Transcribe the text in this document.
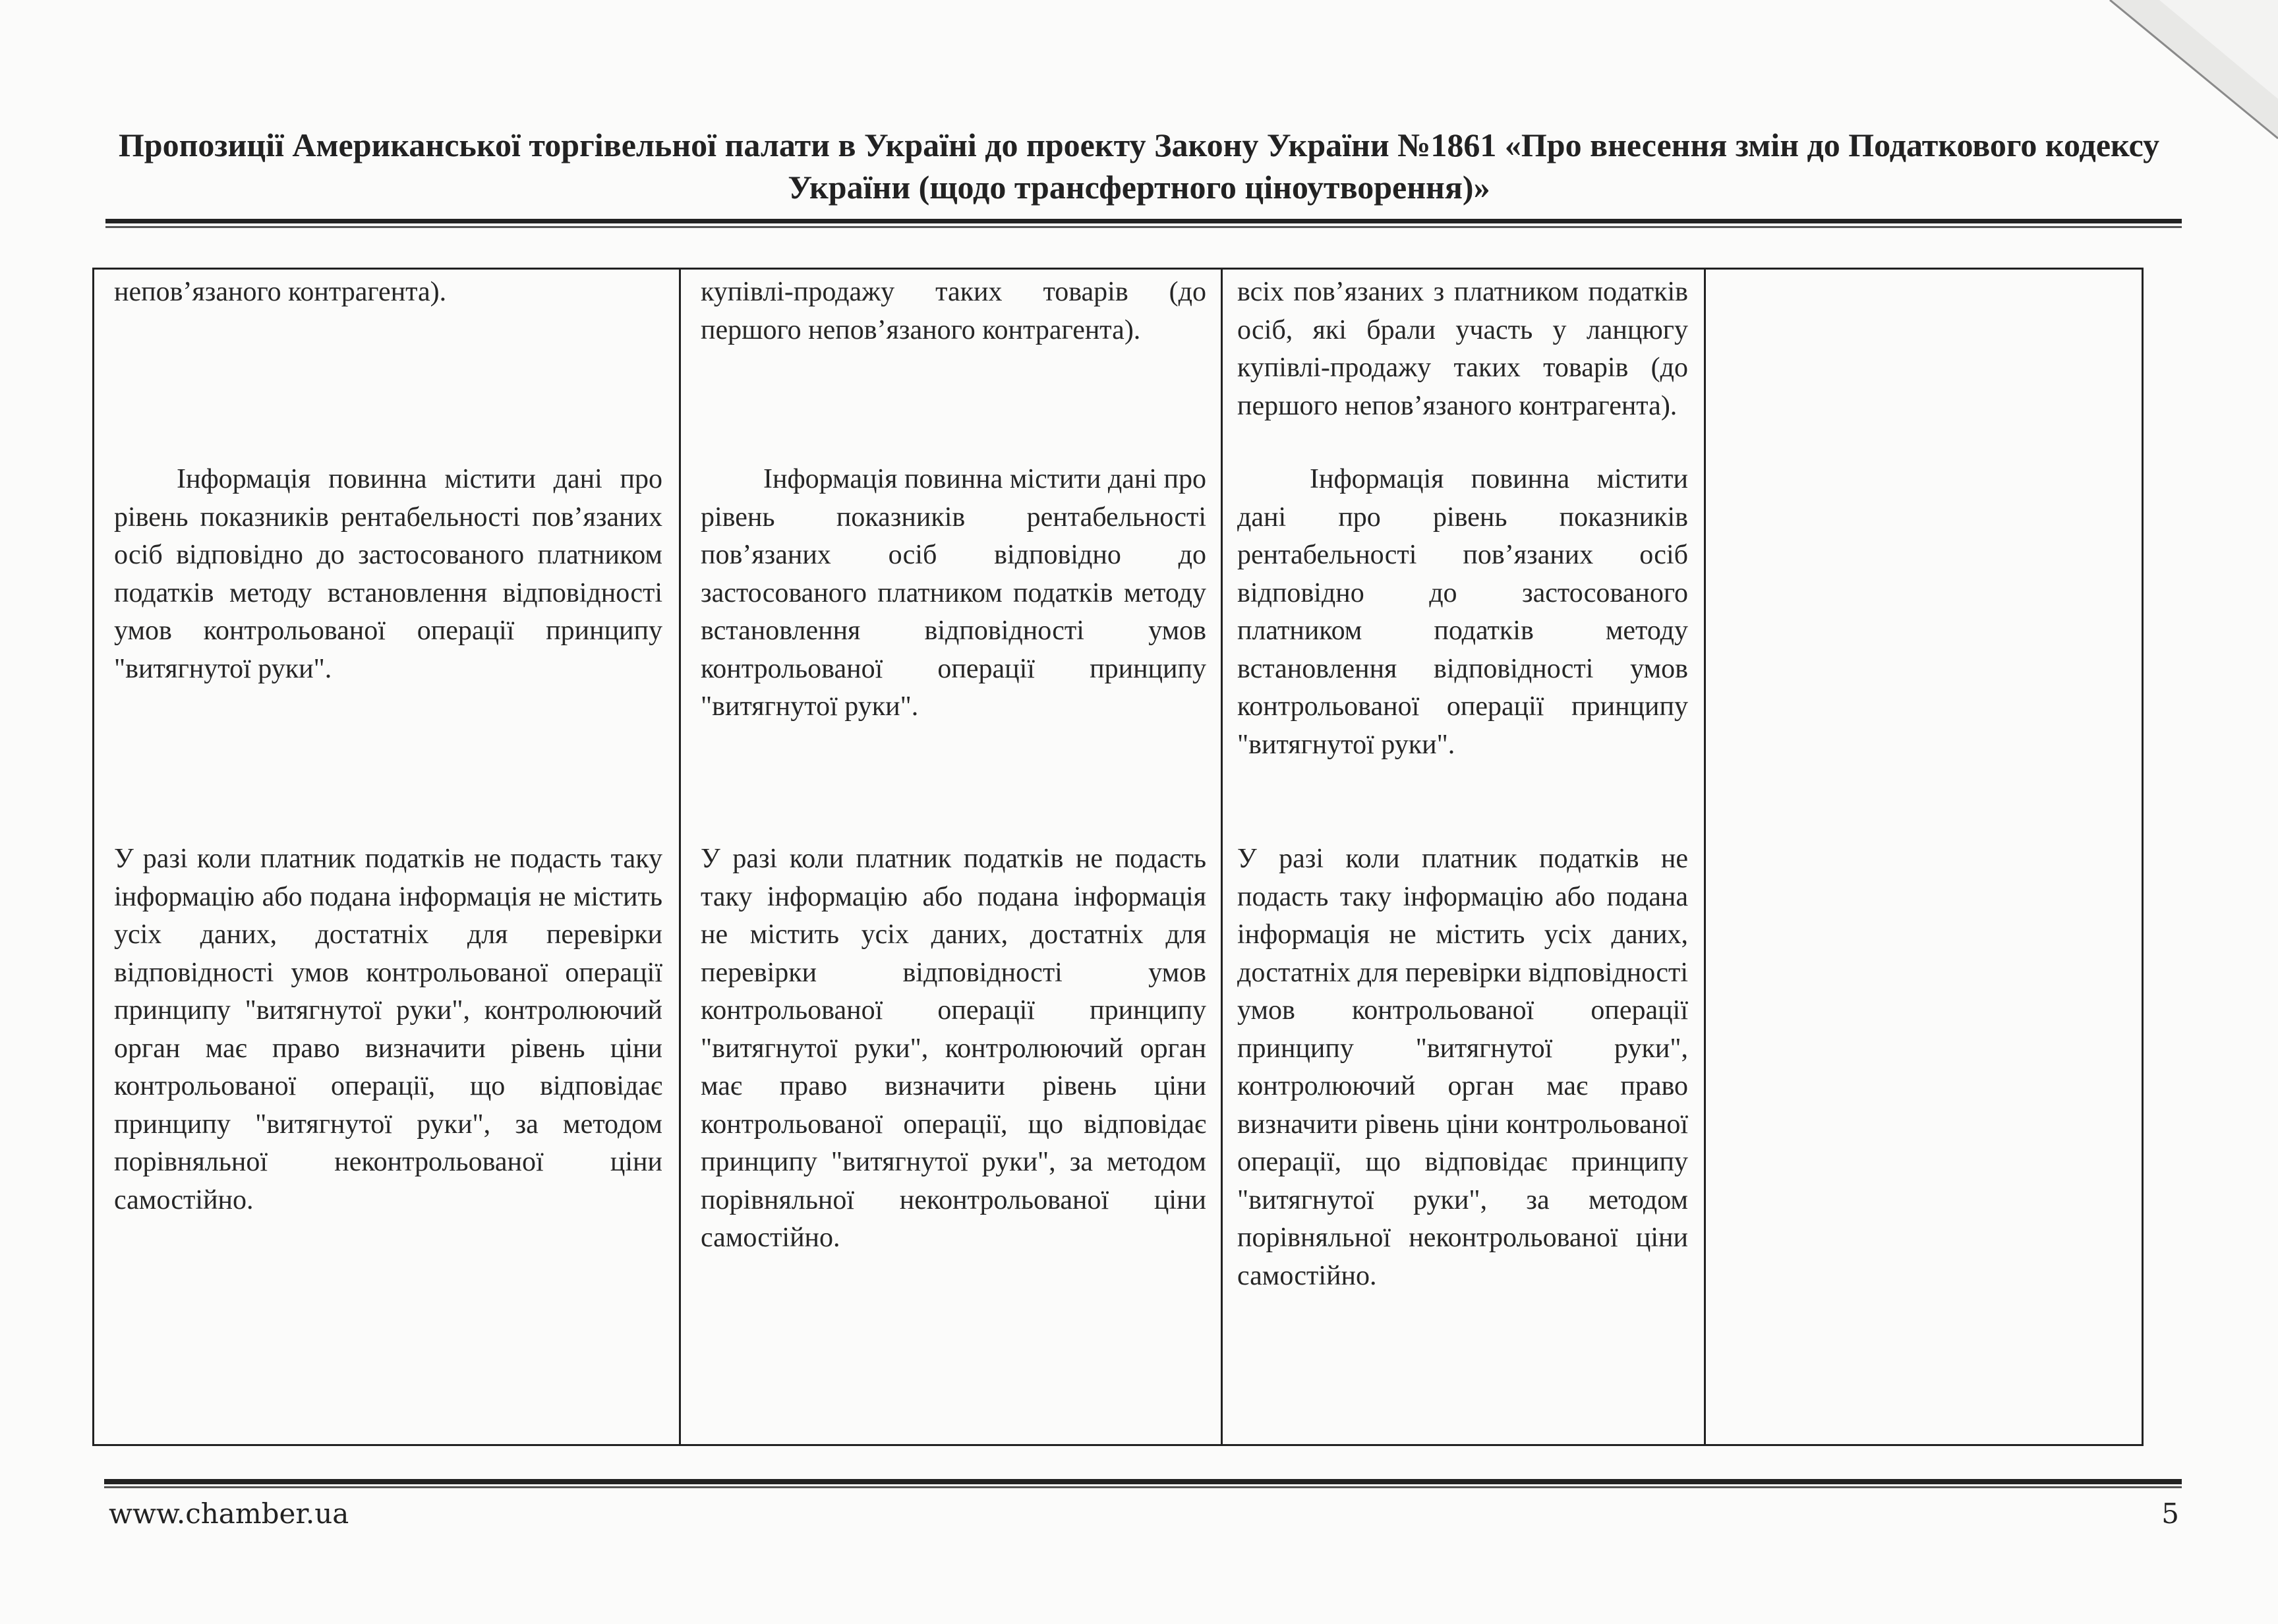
Пропозиції Американської торгівельної палати в Україні до проекту Закону України №1861 «Про внесення змін до Податкового кодексу України (щодо трансфертного ціноутворення)»
непов’язаного контрагента).
Інформація повинна містити дані про рівень показників рентабельності пов’язаних осіб відповідно до застосованого платником податків методу встановлення відповідності умов контрольованої операції принципу "витягнутої руки".
У разі коли платник податків не подасть таку інформацію або подана інформація не містить усіх даних, достатніх для перевірки відповідності умов контрольованої операції принципу "витягнутої руки", контролюючий орган має право визначити рівень ціни контрольованої операції, що відповідає принципу "витягнутої руки", за методом порівняльної неконтрольованої ціни самостійно.
купівлі-продажу таких товарів (до першого непов’язаного контрагента).
Інформація повинна містити дані про рівень показників рентабельності пов’язаних осіб відповідно до застосованого платником податків методу встановлення відповідності умов контрольованої операції принципу "витягнутої руки".
У разі коли платник податків не подасть таку інформацію або подана інформація не містить усіх даних, достатніх для перевірки відповідності умов контрольованої операції принципу "витягнутої руки", контролюючий орган має право визначити рівень ціни контрольованої операції, що відповідає принципу "витягнутої руки", за методом порівняльної неконтрольованої ціни самостійно.
всіх пов’язаних з платником податків осіб, які брали участь у ланцюгу купівлі-продажу таких товарів (до першого непов’язаного контрагента).
Інформація повинна містити дані про рівень показників рентабельності пов’язаних осіб відповідно до застосованого платником податків методу встановлення відповідності умов контрольованої операції принципу "витягнутої руки".
У разі коли платник податків не подасть таку інформацію або подана інформація не містить усіх даних, достатніх для перевірки відповідності умов контрольованої операції принципу "витягнутої руки", контролюючий орган має право визначити рівень ціни контрольованої операції, що відповідає принципу "витягнутої руки", за методом порівняльної неконтрольованої ціни самостійно.
www.chamber.ua	5
